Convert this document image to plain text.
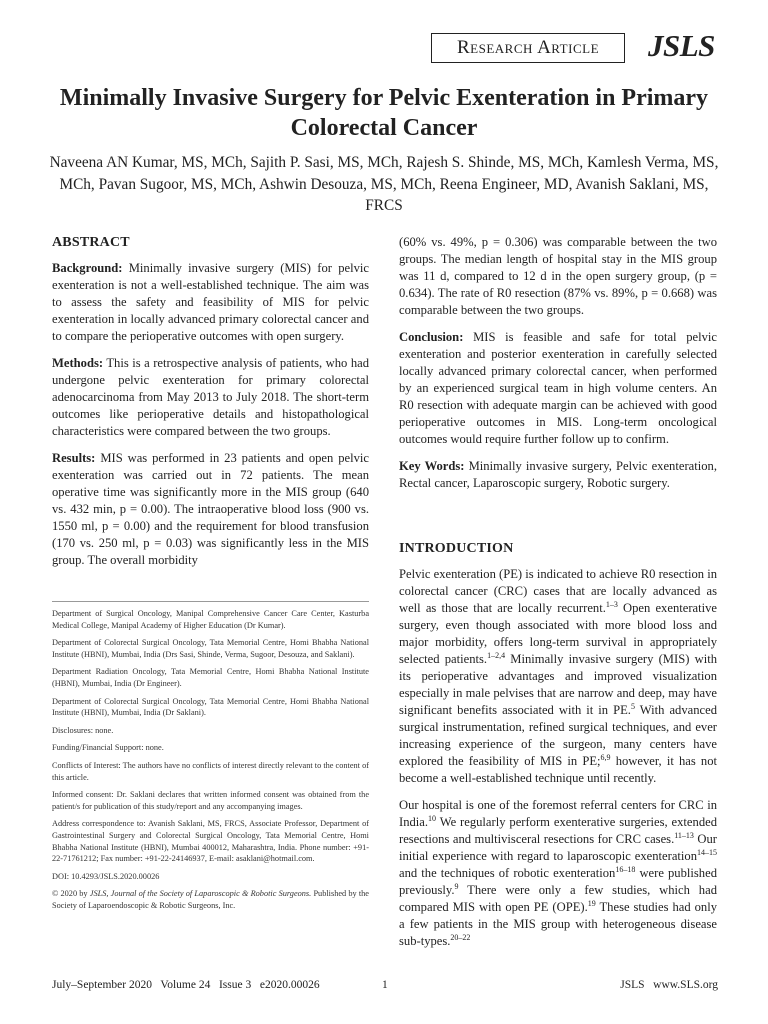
Research Article	JSLS
Minimally Invasive Surgery for Pelvic Exenteration in Primary Colorectal Cancer
Naveena AN Kumar, MS, MCh, Sajith P. Sasi, MS, MCh, Rajesh S. Shinde, MS, MCh, Kamlesh Verma, MS, MCh, Pavan Sugoor, MS, MCh, Ashwin Desouza, MS, MCh, Reena Engineer, MD, Avanish Saklani, MS, FRCS
ABSTRACT

Background: Minimally invasive surgery (MIS) for pelvic exenteration is not a well-established technique. The aim was to assess the safety and feasibility of MIS for pelvic exenteration in locally advanced primary colorectal cancer and to compare the perioperative outcomes with open surgery.

Methods: This is a retrospective analysis of patients, who had undergone pelvic exenteration for primary colorectal adenocarcinoma from May 2013 to July 2018. The short-term outcomes like perioperative details and histopathological characteristics were compared between the two groups.

Results: MIS was performed in 23 patients and open pelvic exenteration was carried out in 72 patients. The mean operative time was significantly more in the MIS group (640 vs. 432 min, p = 0.00). The intraoperative blood loss (900 vs. 1550 ml, p = 0.00) and the requirement for blood transfusion (170 vs. 250 ml, p = 0.03) was significantly less in the MIS group. The overall morbidity

Department of Surgical Oncology, Manipal Comprehensive Cancer Care Center, Kasturba Medical College, Manipal Academy of Higher Education (Dr Kumar).

Department of Colorectal Surgical Oncology, Tata Memorial Centre, Homi Bhabha National Institute (HBNI), Mumbai, India (Drs Sasi, Shinde, Verma, Sugoor, Desouza, and Saklani).

Department Radiation Oncology, Tata Memorial Centre, Homi Bhabha National Institute (HBNI), Mumbai, India (Dr Engineer).

Department of Colorectal Surgical Oncology, Tata Memorial Centre, Homi Bhabha National Institute (HBNI), Mumbai, India (Dr Saklani).

Disclosures: none.

Funding/Financial Support: none.

Conflicts of Interest: The authors have no conflicts of interest directly relevant to the content of this article.

Informed consent: Dr. Saklani declares that written informed consent was obtained from the patient/s for publication of this study/report and any accompanying images.

Address correspondence to: Avanish Saklani, MS, FRCS, Associate Professor, Department of Gastrointestinal Surgery and Colorectal Surgical Oncology, Tata Memorial Centre, Homi Bhabha National Institute (HBNI), Mumbai 400012, Maharashtra, India. Phone number: +91-22-71761212; Fax number: +91-22-24146937, E-mail: asaklani@hotmail.com.

DOI: 10.4293/JSLS.2020.00026

© 2020 by JSLS, Journal of the Society of Laparoscopic & Robotic Surgeons. Published by the Society of Laparoendoscopic & Robotic Surgeons, Inc.

(60% vs. 49%, p = 0.306) was comparable between the two groups. The median length of hospital stay in the MIS group was 11 d, compared to 12 d in the open surgery group, (p = 0.634). The rate of R0 resection (87% vs. 89%, p = 0.668) was comparable between the two groups.

Conclusion: MIS is feasible and safe for total pelvic exenteration and posterior exenteration in carefully selected locally advanced primary colorectal cancer, when performed by an experienced surgical team in high volume centers. An R0 resection with adequate margin can be achieved with good perioperative outcomes in MIS. Long-term oncological outcomes would require further follow up to confirm.

Key Words: Minimally invasive surgery, Pelvic exenteration, Rectal cancer, Laparoscopic surgery, Robotic surgery.

INTRODUCTION

Pelvic exenteration (PE) is indicated to achieve R0 resection in colorectal cancer (CRC) cases that are locally advanced as well as those that are locally recurrent.$^{1-3}$ Open exenterative surgery, even though associated with more blood loss and major morbidity, offers long-term survival in appropriately selected patients.$^{1-2,4}$ Minimally invasive surgery (MIS) with its perioperative advantages and improved visualization especially in male pelvises that are narrow and deep, may have significant benefits associated with it in PE.$^5$ With advanced surgical instrumentation, refined surgical techniques, and ever increasing experience of the surgeon, many centers have explored the feasibility of MIS in PE;$^{6,9}$ however, it has not become a well-established technique until recently.

Our hospital is one of the foremost referral centers for CRC in India.$^{10}$ We regularly perform exenterative surgeries, extended resections and multivisceral resections for CRC cases.$^{11-13}$ Our initial experience with regard to laparoscopic exenteration$^{14-15}$ and the techniques of robotic exenteration$^{16-18}$ were published previously.$^9$ There were only a few studies, which had compared MIS with open PE (OPE).$^{19}$ These studies had only a few patients in the MIS group with heterogeneous disease sub-types.$^{20-22}$

July–September 2020   Volume 24   Issue 3   e2020.00026	1	JSLS   www.SLS.org
